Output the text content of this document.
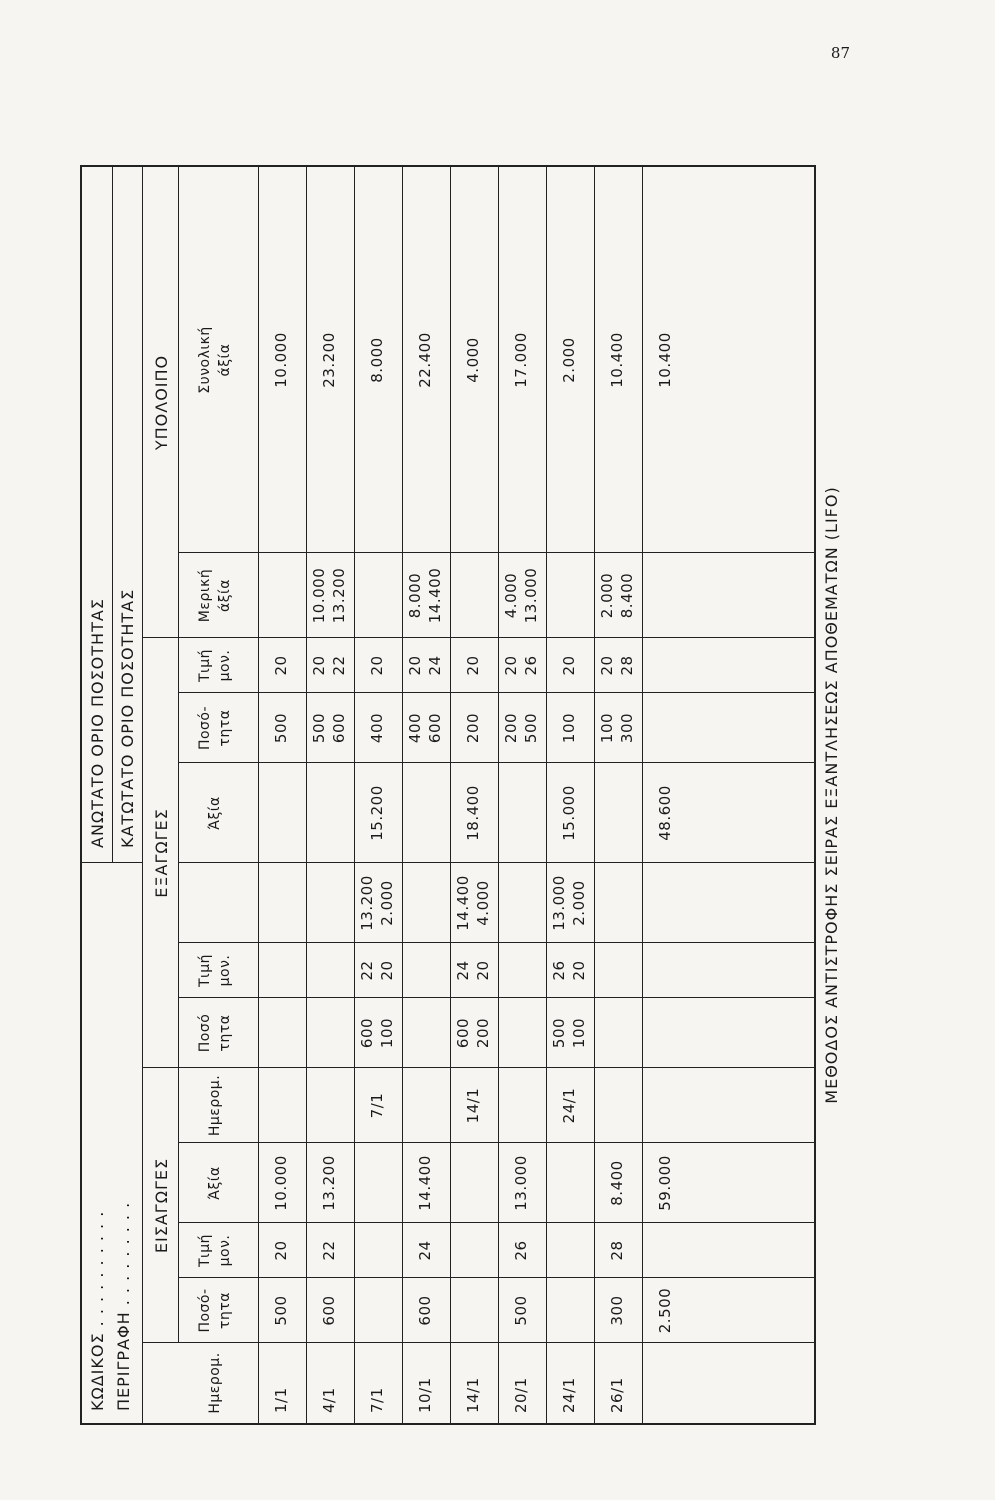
87
ΚΩΔΙΚΟΣ . . . . . . . . . . ΠΕΡΙΓΡΑΦΗ . . . . . . . . .
ΑΝΩΤΑΤΟ ΟΡΙΟ ΠΟΣΟΤΗΤΑΣ ΚΑΤΩΤΑΤΟ ΟΡΙΟ ΠΟΣΟΤΗΤΑΣ
ΕΙΣΑΓΩΓΕΣ
ΕΞΑΓΩΓΕΣ
ΥΠΟΛΟΙΠΟ
Ημερομ.
Ποσό- τητα
Τιμή μον.
Άξία
Ημερομ.
Ποσό τητα
Τιμή μον.
Άξία
Ποσό- τητα
Τιμή μον.
Μερική άξία
Συνολική άξία
1/1
500
20
10.000
500
20
10.000
4/1
600
22
13.200
500 600
20 22
10.000 13.200
23.200
7/1
7/1
600 100
22 20
13.200 2.000
15.200
400
20
8.000
10/1
600
24
14.400
400 600
20 24
8.000 14.400
22.400
14/1
14/1
600 200
24 20
14.400 4.000
18.400
200
20
4.000
20/1
500
26
13.000
200 500
20 26
4.000 13.000
17.000
24/1
24/1
500 100
26 20
13.000 2.000
15.000
100
20
2.000
26/1
300
28
8.400
100 300
20 28
2.000 8.400
10.400
2.500
59.000
48.600
10.400
ΜΕΘΟΔΟΣ ΑΝΤΙΣΤΡΟΦΗΣ ΣΕΙΡΑΣ ΕΞΑΝΤΛΗΣΕΩΣ ΑΠΟΘΕΜΑΤΩΝ (LIFO)
